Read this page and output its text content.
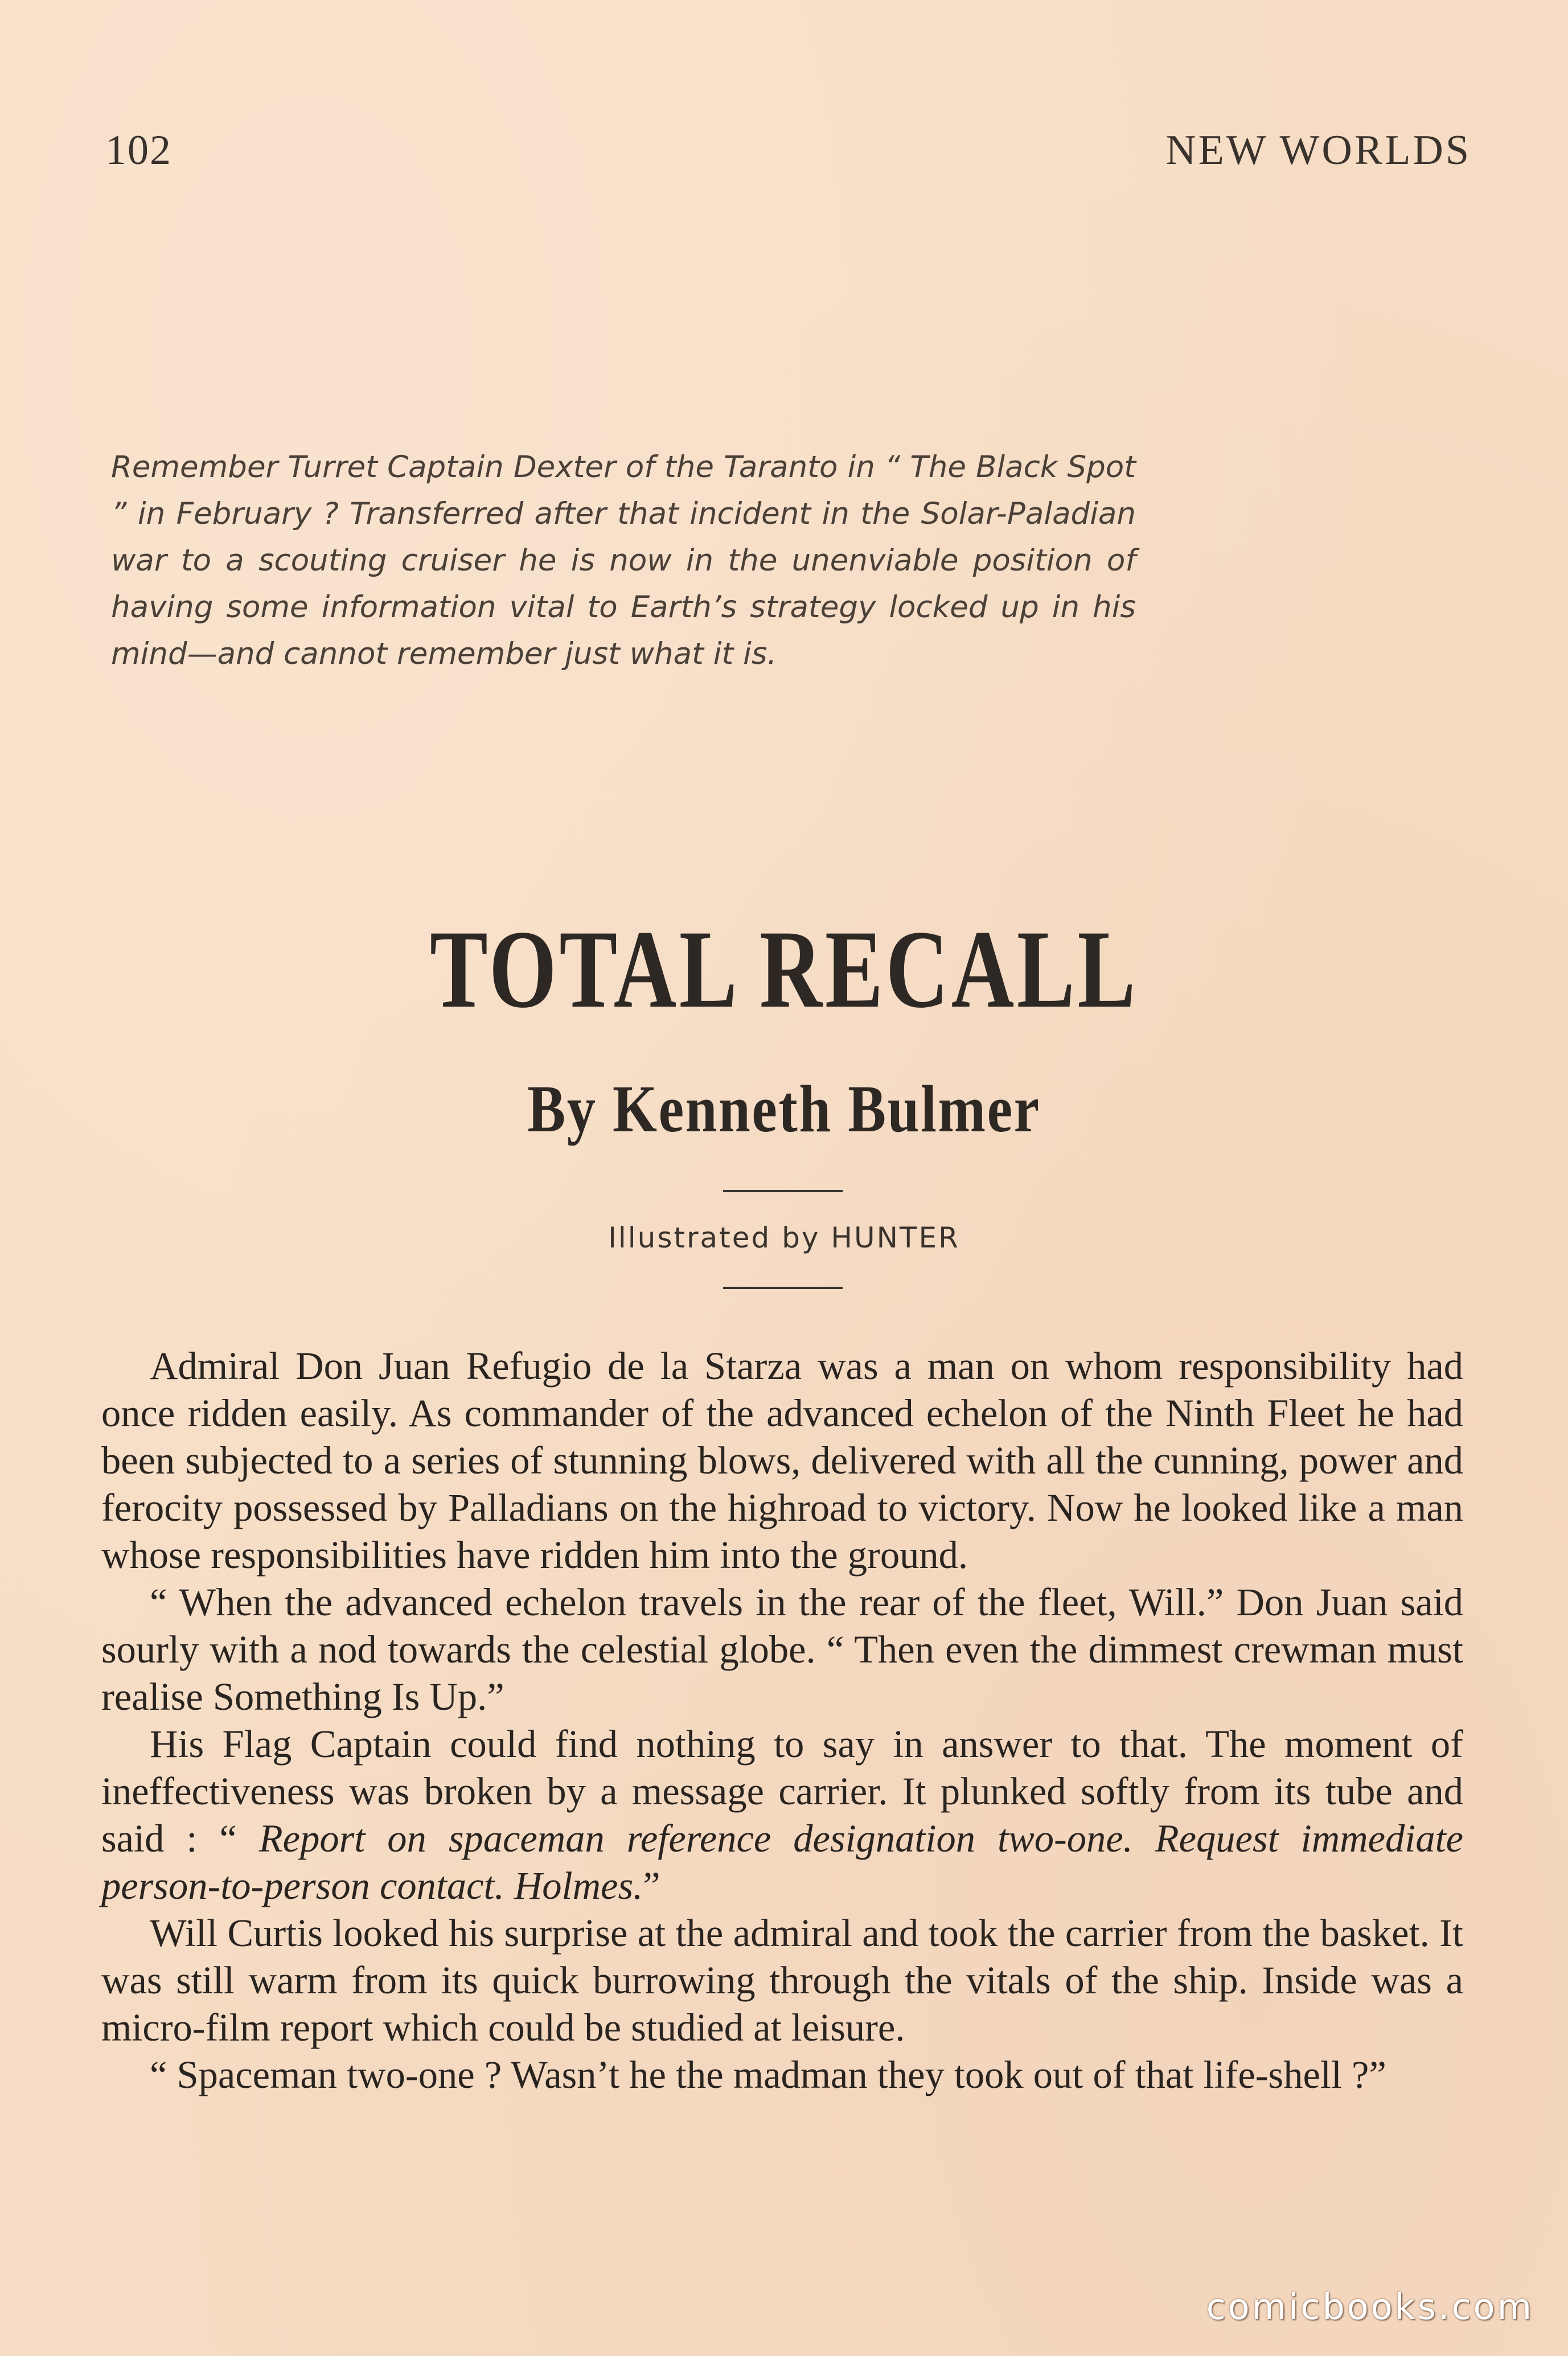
102	NEW WORLDS
Remember Turret Captain Dexter of the Taranto in “ The Black Spot ” in February ? Transferred after that incident in the Solar-Paladian war to a scouting cruiser he is now in the unenviable position of having some information vital to Earth’s strategy locked up in his mind—and cannot remember just what it is.
TOTAL RECALL
By Kenneth Bulmer
Illustrated by HUNTER

Admiral Don Juan Refugio de la Starza was a man on whom responsibility had once ridden easily. As commander of the advanced echelon of the Ninth Fleet he had been subjected to a series of stunning blows, delivered with all the cunning, power and ferocity possessed by Palladians on the highroad to victory. Now he looked like a man whose responsibilities have ridden him into the ground.

“ When the advanced echelon travels in the rear of the fleet, Will.” Don Juan said sourly with a nod towards the celestial globe. “ Then even the dimmest crewman must realise Something Is Up.”

His Flag Captain could find nothing to say in answer to that. The moment of ineffectiveness was broken by a message carrier. It plunked softly from its tube and said : “ Report on spaceman reference designation two-one. Request immediate person-to-person contact. Holmes.”

Will Curtis looked his surprise at the admiral and took the carrier from the basket. It was still warm from its quick burrowing through the vitals of the ship. Inside was a micro-film report which could be studied at leisure.

“ Spaceman two-one ? Wasn’t he the madman they took out of that life-shell ?”

comicbooks.com
